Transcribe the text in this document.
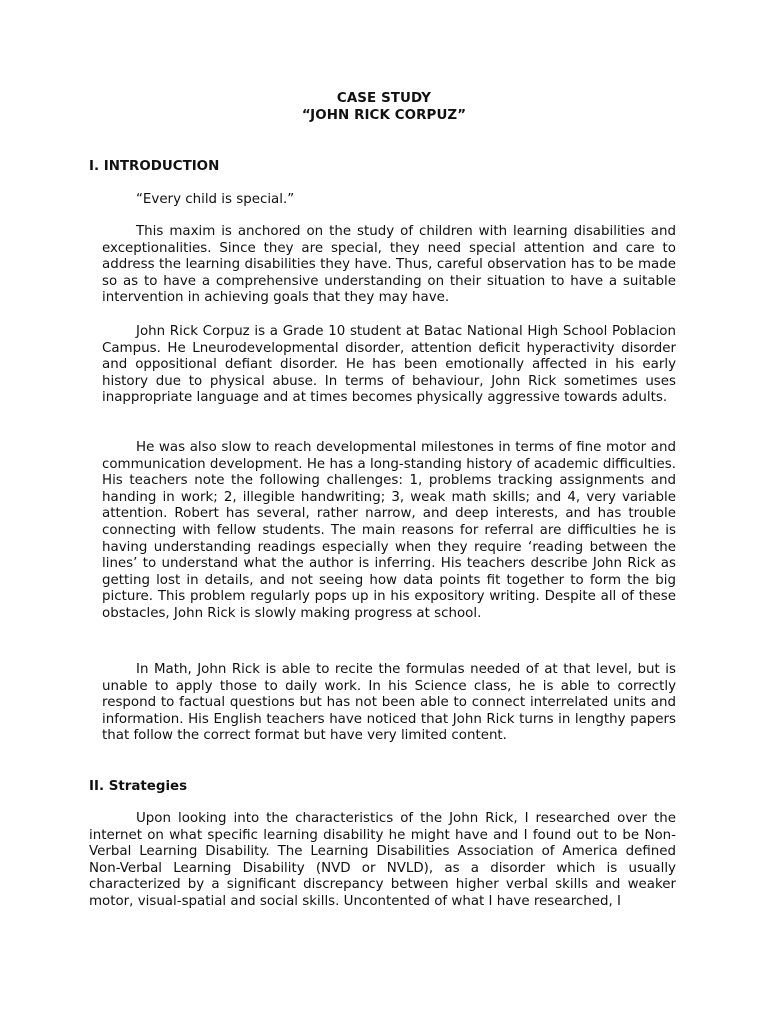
CASE STUDY
“JOHN RICK CORPUZ”
I. INTRODUCTION
“Every child is special.”

This maxim is anchored on the study of children with learning disabilities and exceptionalities. Since they are special, they need special attention and care to address the learning disabilities they have. Thus, careful observation has to be made so as to have a comprehensive understanding on their situation to have a suitable intervention in achieving goals that they may have.

John Rick Corpuz is a Grade 10 student at Batac National High School Poblacion Campus. He Lneurodevelopmental disorder, attention deficit hyperactivity disorder and oppositional defiant disorder. He has been emotionally affected in his early history due to physical abuse. In terms of behaviour, John Rick sometimes uses inappropriate language and at times becomes physically aggressive towards adults.

He was also slow to reach developmental milestones in terms of fine motor and communication development. He has a long-standing history of academic difficulties. His teachers note the following challenges: 1, problems tracking assignments and handing in work; 2, illegible handwriting; 3, weak math skills; and 4, very variable attention. Robert has several, rather narrow, and deep interests, and has trouble connecting with fellow students. The main reasons for referral are difficulties he is having understanding readings especially when they require ‘reading between the lines’ to understand what the author is inferring. His teachers describe John Rick as getting lost in details, and not seeing how data points fit together to form the big picture. This problem regularly pops up in his expository writing. Despite all of these obstacles, John Rick is slowly making progress at school.

In Math, John Rick is able to recite the formulas needed of at that level, but is unable to apply those to daily work. In his Science class, he is able to correctly respond to factual questions but has not been able to connect interrelated units and information. His English teachers have noticed that John Rick turns in lengthy papers that follow the correct format but have very limited content.

II. Strategies

Upon looking into the characteristics of the John Rick, I researched over the internet on what specific learning disability he might have and I found out to be Non-Verbal Learning Disability. The Learning Disabilities Association of America defined Non-Verbal Learning Disability (NVD or NVLD), as a disorder which is usually characterized by a significant discrepancy between higher verbal skills and weaker motor, visual-spatial and social skills. Uncontented of what I have researched, I
